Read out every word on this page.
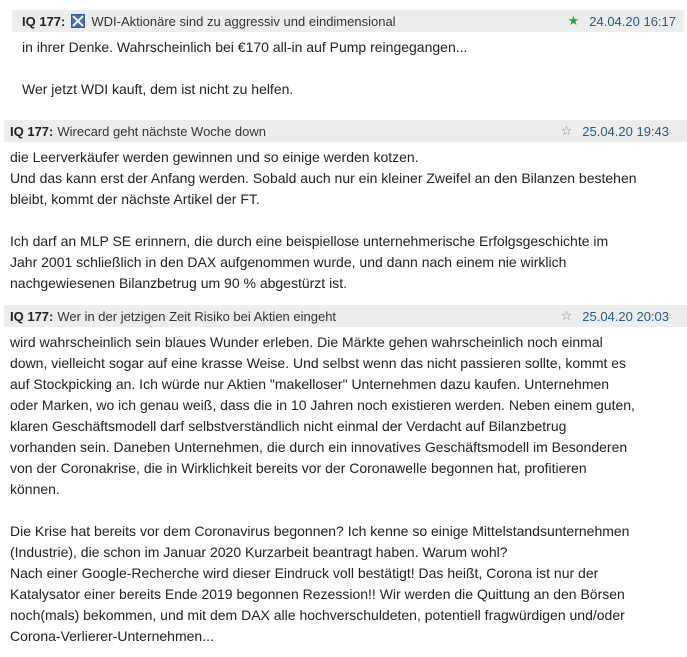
IQ 177: WDI-Aktionäre sind zu aggressiv und eindimensional	★ 24.04.20 16:17
in ihrer Denke. Wahrscheinlich bei €170 all-in auf Pump reingegangen...

Wer jetzt WDI kauft, dem ist nicht zu helfen.
IQ 177: Wirecard geht nächste Woche down	☆ 25.04.20 19:43
die Leerverkäufer werden gewinnen und so einige werden kotzen.
Und das kann erst der Anfang werden. Sobald auch nur ein kleiner Zweifel an den Bilanzen bestehen
bleibt, kommt der nächste Artikel der FT.

Ich darf an MLP SE erinnern, die durch eine beispiellose unternehmerische Erfolgsgeschichte im
Jahr 2001 schließlich in den DAX aufgenommen wurde, und dann nach einem nie wirklich
nachgewiesenen Bilanzbetrug um 90 % abgestürzt ist.
IQ 177: Wer in der jetzigen Zeit Risiko bei Aktien eingeht	☆ 25.04.20 20:03
wird wahrscheinlich sein blaues Wunder erleben. Die Märkte gehen wahrscheinlich noch einmal
down, vielleicht sogar auf eine krasse Weise. Und selbst wenn das nicht passieren sollte, kommt es
auf Stockpicking an. Ich würde nur Aktien "makelloser" Unternehmen dazu kaufen. Unternehmen
oder Marken, wo ich genau weiß, dass die in 10 Jahren noch existieren werden. Neben einem guten,
klaren Geschäftsmodell darf selbstverständlich nicht einmal der Verdacht auf Bilanzbetrug
vorhanden sein. Daneben Unternehmen, die durch ein innovatives Geschäftsmodell im Besonderen
von der Coronakrise, die in Wirklichkeit bereits vor der Coronawelle begonnen hat, profitieren
können.

Die Krise hat bereits vor dem Coronavirus begonnen? Ich kenne so einige Mittelstandsunternehmen
(Industrie), die schon im Januar 2020 Kurzarbeit beantragt haben. Warum wohl?
Nach einer Google-Recherche wird dieser Eindruck voll bestätigt! Das heißt, Corona ist nur der
Katalysator einer bereits Ende 2019 begonnen Rezession!! Wir werden die Quittung an den Börsen
noch(mals) bekommen, und mit dem DAX alle hochverschuldeten, potentiell fragwürdigen und/oder
Corona-Verlierer-Unternehmen...
